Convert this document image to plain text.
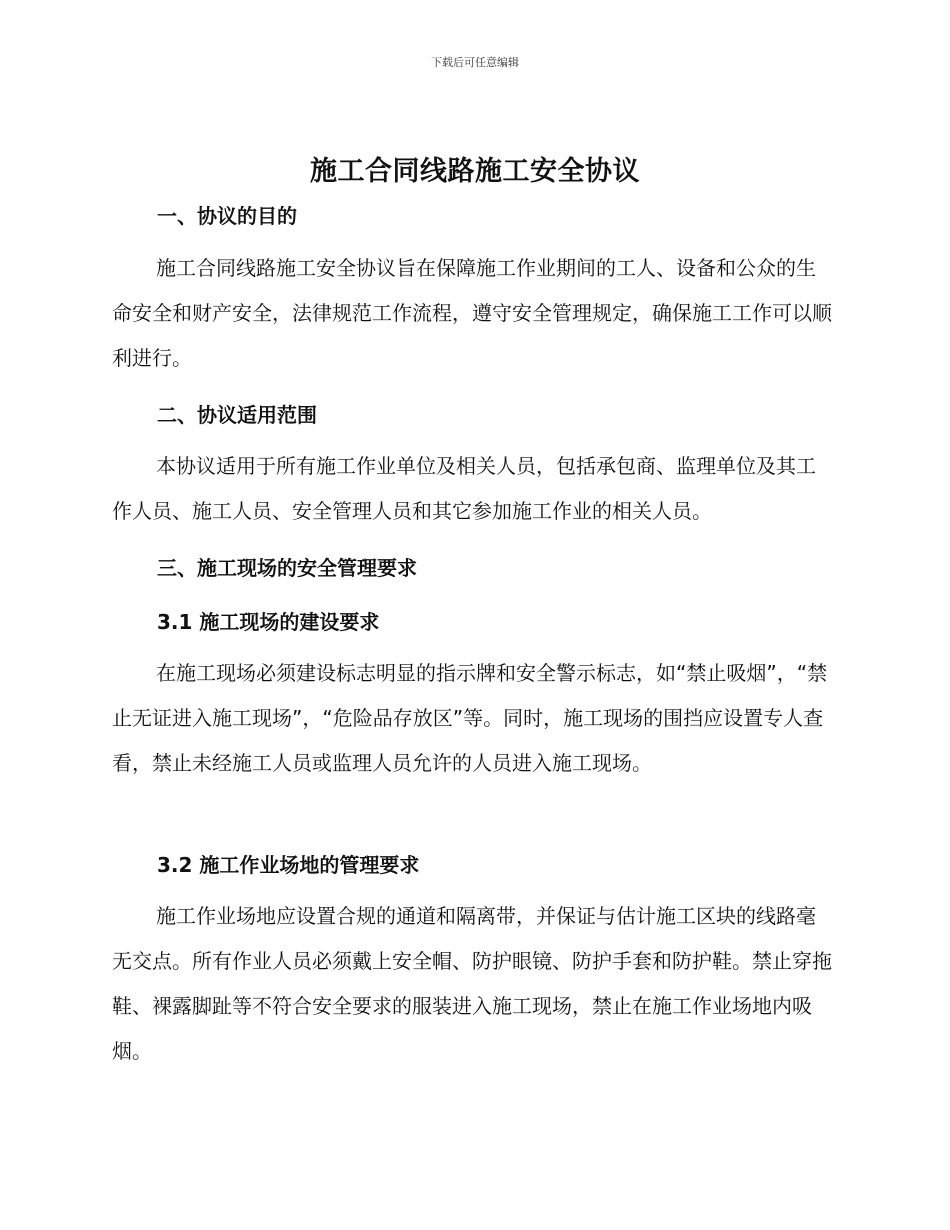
下载后可任意编辑
施工合同线路施工安全协议
一、协议的目的

施工合同线路施工安全协议旨在保障施工作业期间的工人、设备和公众的生命安全和财产安全，法律规范工作流程，遵守安全管理规定，确保施工工作可以顺利进行。

二、协议适用范围

本协议适用于所有施工作业单位及相关人员，包括承包商、监理单位及其工作人员、施工人员、安全管理人员和其它参加施工作业的相关人员。

三、施工现场的安全管理要求
3.1 施工现场的建设要求

在施工现场必须建设标志明显的指示牌和安全警示标志，如“禁止吸烟”，“禁止无证进入施工现场”，“危险品存放区”等。同时，施工现场的围挡应设置专人查看，禁止未经施工人员或监理人员允许的人员进入施工现场。

3.2 施工作业场地的管理要求

施工作业场地应设置合规的通道和隔离带，并保证与估计施工区块的线路毫无交点。所有作业人员必须戴上安全帽、防护眼镜、防护手套和防护鞋。禁止穿拖鞋、裸露脚趾等不符合安全要求的服装进入施工现场，禁止在施工作业场地内吸烟。
